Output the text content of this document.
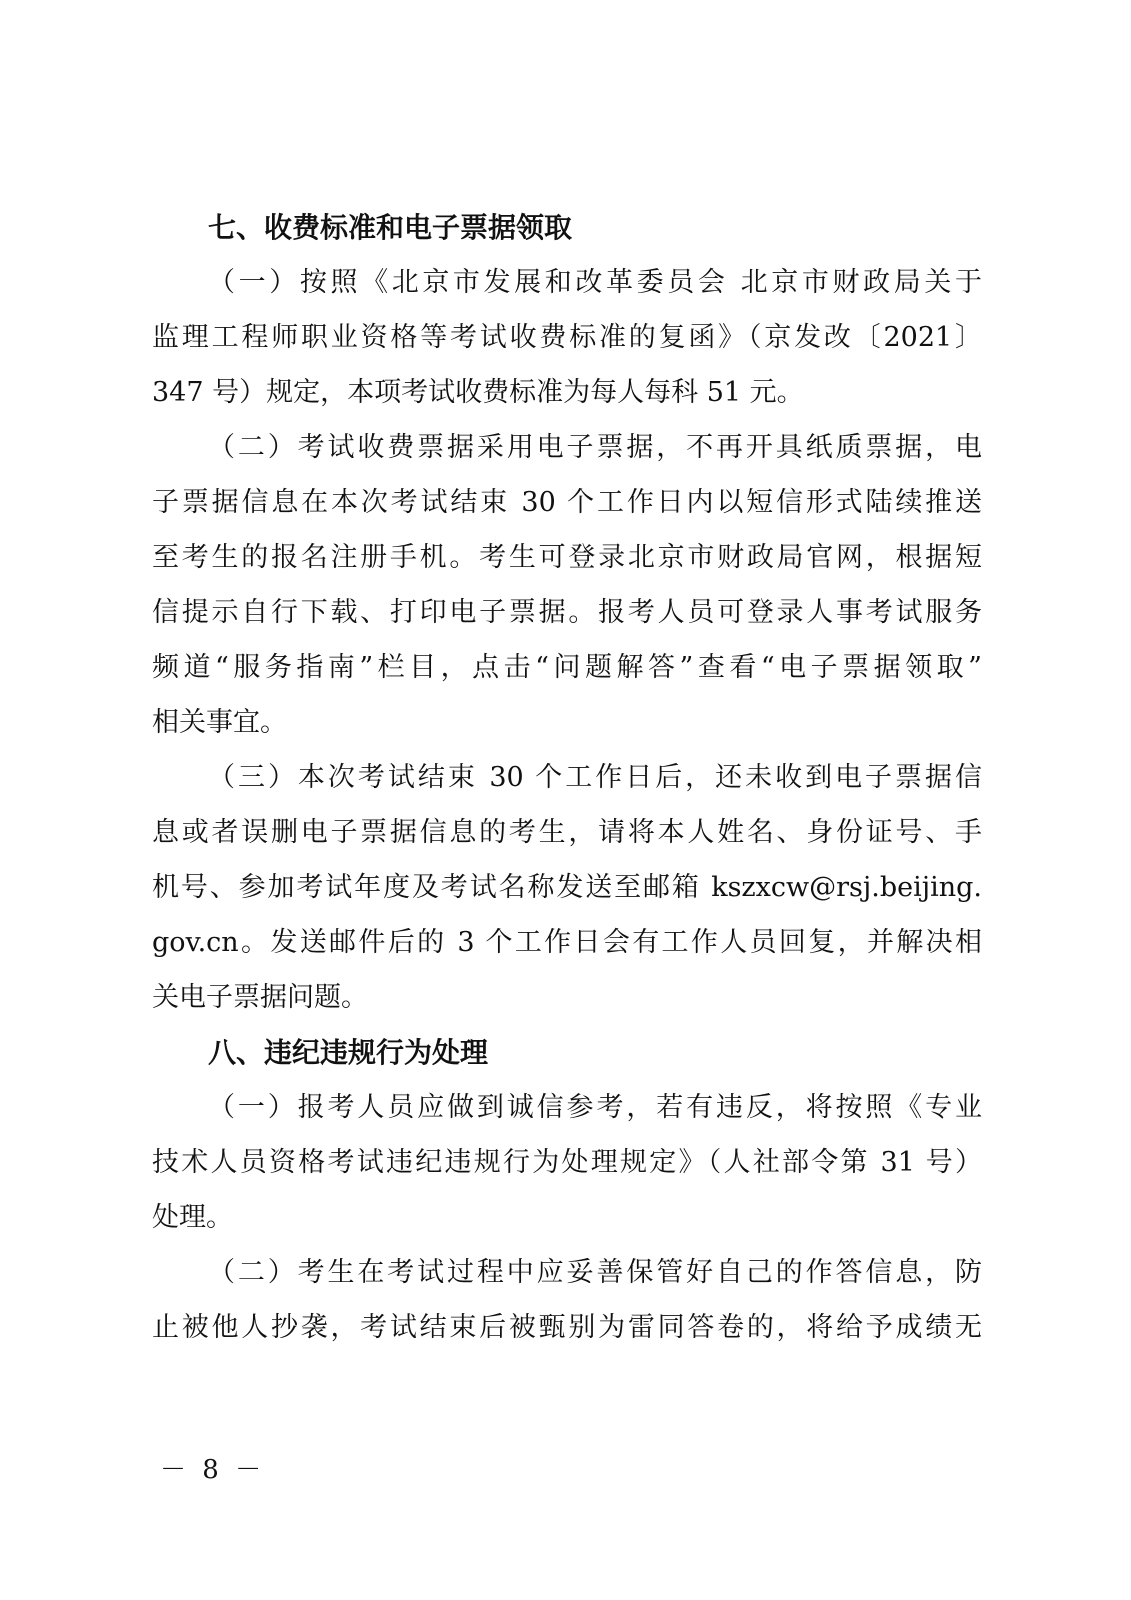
七、收费标准和电子票据领取
（一）按照《北京市发展和改革委员会 北京市财政局关于
监理工程师职业资格等考试收费标准的复函》（京发改〔2021〕
347 号）规定，本项考试收费标准为每人每科 51 元。
（二）考试收费票据采用电子票据，不再开具纸质票据，电
子票据信息在本次考试结束 30 个工作日内以短信形式陆续推送
至考生的报名注册手机。考生可登录北京市财政局官网，根据短
信提示自行下载、打印电子票据。报考人员可登录人事考试服务
频道“服务指南”栏目，点击“问题解答”查看“电子票据领取”
相关事宜。
（三）本次考试结束 30 个工作日后，还未收到电子票据信
息或者误删电子票据信息的考生，请将本人姓名、身份证号、手
机号、参加考试年度及考试名称发送至邮箱 kszxcw@rsj.beijing.
gov.cn。发送邮件后的 3 个工作日会有工作人员回复，并解决相
关电子票据问题。
八、违纪违规行为处理
（一）报考人员应做到诚信参考，若有违反，将按照《专业
技术人员资格考试违纪违规行为处理规定》（人社部令第 31 号）
处理。
（二）考生在考试过程中应妥善保管好自己的作答信息，防
止被他人抄袭，考试结束后被甄别为雷同答卷的，将给予成绩无
－ 8 －
